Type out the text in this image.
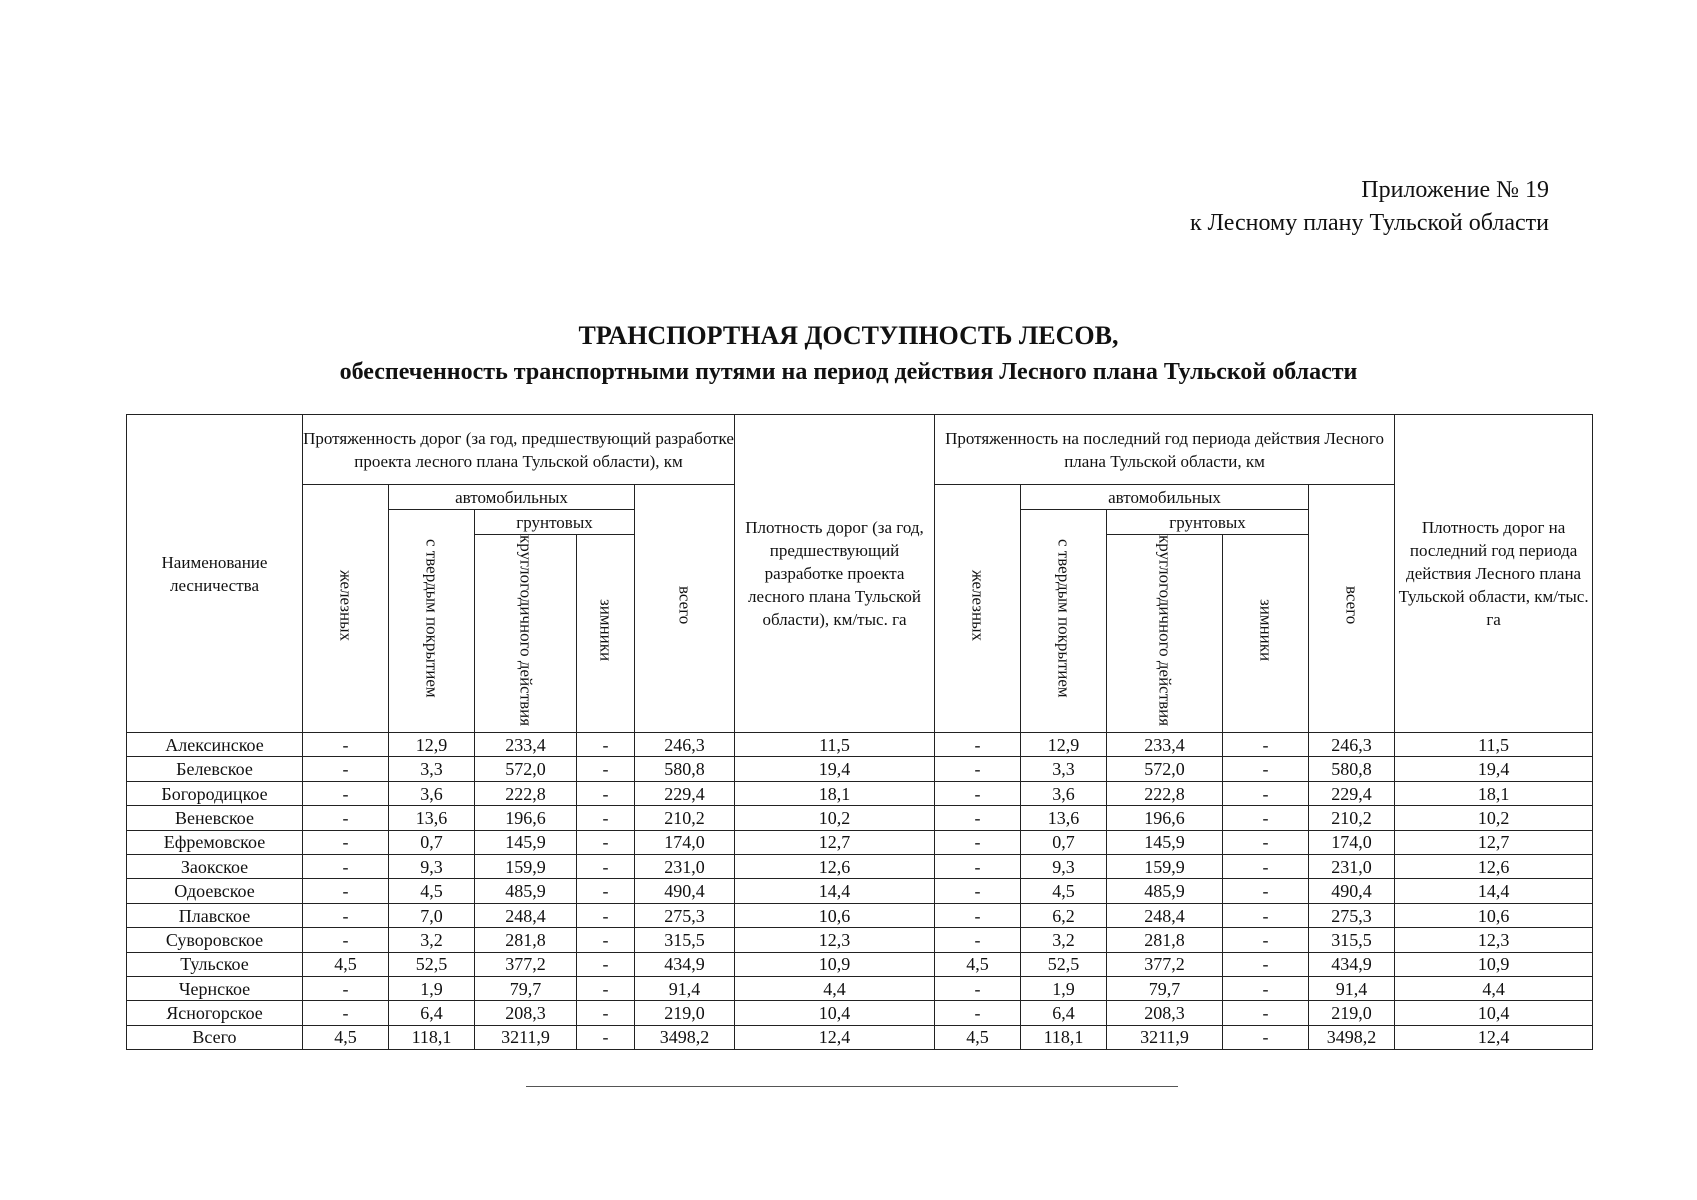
Приложение № 19
к Лесному плану Тульской области
ТРАНСПОРТНАЯ ДОСТУПНОСТЬ ЛЕСОВ,
обеспеченность транспортными путями на период действия Лесного плана Тульской области
Наименование лесничества	Протяженность дорог (за год, предшествующий разработке проекта лесного плана Тульской области), км					Плотность дорог (за год, предшествующий разработке проекта лесного плана Тульской области), км/тыс. га	Протяженность на последний год периода действия Лесного плана Тульской области, км					Плотность дорог на последний год периода действия Лесного плана Тульской области, км/тыс. га
	железных	автомобильных			всего		железных	автомобильных			всего	
		с твердым покрытием	грунтовых					с твердым покрытием	грунтовых			
			круглогодичного действия	зимники					круглогодичного действия	зимники		
Алексинское	-	12,9	233,4	-	246,3	11,5	-	12,9	233,4	-	246,3	11,5
Белевское	-	3,3	572,0	-	580,8	19,4	-	3,3	572,0	-	580,8	19,4
Богородицкое	-	3,6	222,8	-	229,4	18,1	-	3,6	222,8	-	229,4	18,1
Веневское	-	13,6	196,6	-	210,2	10,2	-	13,6	196,6	-	210,2	10,2
Ефремовское	-	0,7	145,9	-	174,0	12,7	-	0,7	145,9	-	174,0	12,7
Заокское	-	9,3	159,9	-	231,0	12,6	-	9,3	159,9	-	231,0	12,6
Одоевское	-	4,5	485,9	-	490,4	14,4	-	4,5	485,9	-	490,4	14,4
Плавское	-	7,0	248,4	-	275,3	10,6	-	6,2	248,4	-	275,3	10,6
Суворовское	-	3,2	281,8	-	315,5	12,3	-	3,2	281,8	-	315,5	12,3
Тульское	4,5	52,5	377,2	-	434,9	10,9	4,5	52,5	377,2	-	434,9	10,9
Чернское	-	1,9	79,7	-	91,4	4,4	-	1,9	79,7	-	91,4	4,4
Ясногорское	-	6,4	208,3	-	219,0	10,4	-	6,4	208,3	-	219,0	10,4
Всего	4,5	118,1	3211,9	-	3498,2	12,4	4,5	118,1	3211,9	-	3498,2	12,4
